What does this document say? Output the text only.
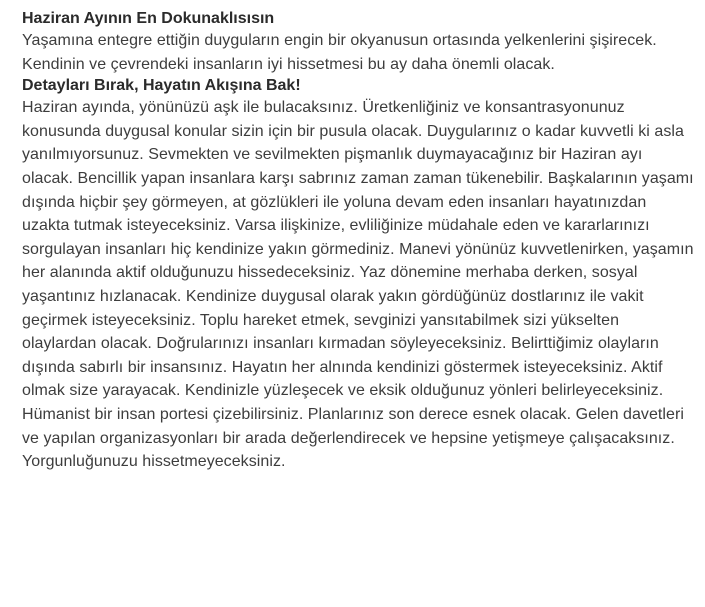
Haziran Ayının En Dokunaklısısın

Yaşamına entegre ettiğin duyguların engin bir okyanusun ortasında yelkenlerini şişirecek. Kendinin ve çevrendeki insanların iyi hissetmesi bu ay daha önemli olacak.

Detayları Bırak, Hayatın Akışına Bak!

Haziran ayında, yönünüzü aşk ile bulacaksınız. Üretkenliğiniz ve konsantrasyonunuz konusunda duygusal konular sizin için bir pusula olacak. Duygularınız o kadar kuvvetli ki asla yanılmıyorsunuz. Sevmekten ve sevilmekten pişmanlık duymayacağınız bir Haziran ayı olacak. Bencillik yapan insanlara karşı sabrınız zaman zaman tükenebilir. Başkalarının yaşamı dışında hiçbir şey görmeyen, at gözlükleri ile yoluna devam eden insanları hayatınızdan uzakta tutmak isteyeceksiniz. Varsa ilişkinize, evliliğinize müdahale eden ve kararlarınızı sorgulayan insanları hiç kendinize yakın görmediniz. Manevi yönünüz kuvvetlenirken, yaşamın her alanında aktif olduğunuzu hissedeceksiniz. Yaz dönemine merhaba derken, sosyal yaşantınız hızlanacak. Kendinize duygusal olarak yakın gördüğünüz dostlarınız ile vakit geçirmek isteyeceksiniz. Toplu hareket etmek, sevginizi yansıtabilmek sizi yükselten olaylardan olacak. Doğrularınızı insanları kırmadan söyleyeceksiniz. Belirttiğimiz olayların dışında sabırlı bir insansınız. Hayatın her alnında kendinizi göstermek isteyeceksiniz. Aktif olmak size yarayacak. Kendinizle yüzleşecek ve eksik olduğunuz yönleri belirleyeceksiniz. Hümanist bir insan portesi çizebilirsiniz. Planlarınız son derece esnek olacak. Gelen davetleri ve yapılan organizasyonları bir arada değerlendirecek ve hepsine yetişmeye çalışacaksınız. Yorgunluğunuzu hissetmeyeceksiniz.
